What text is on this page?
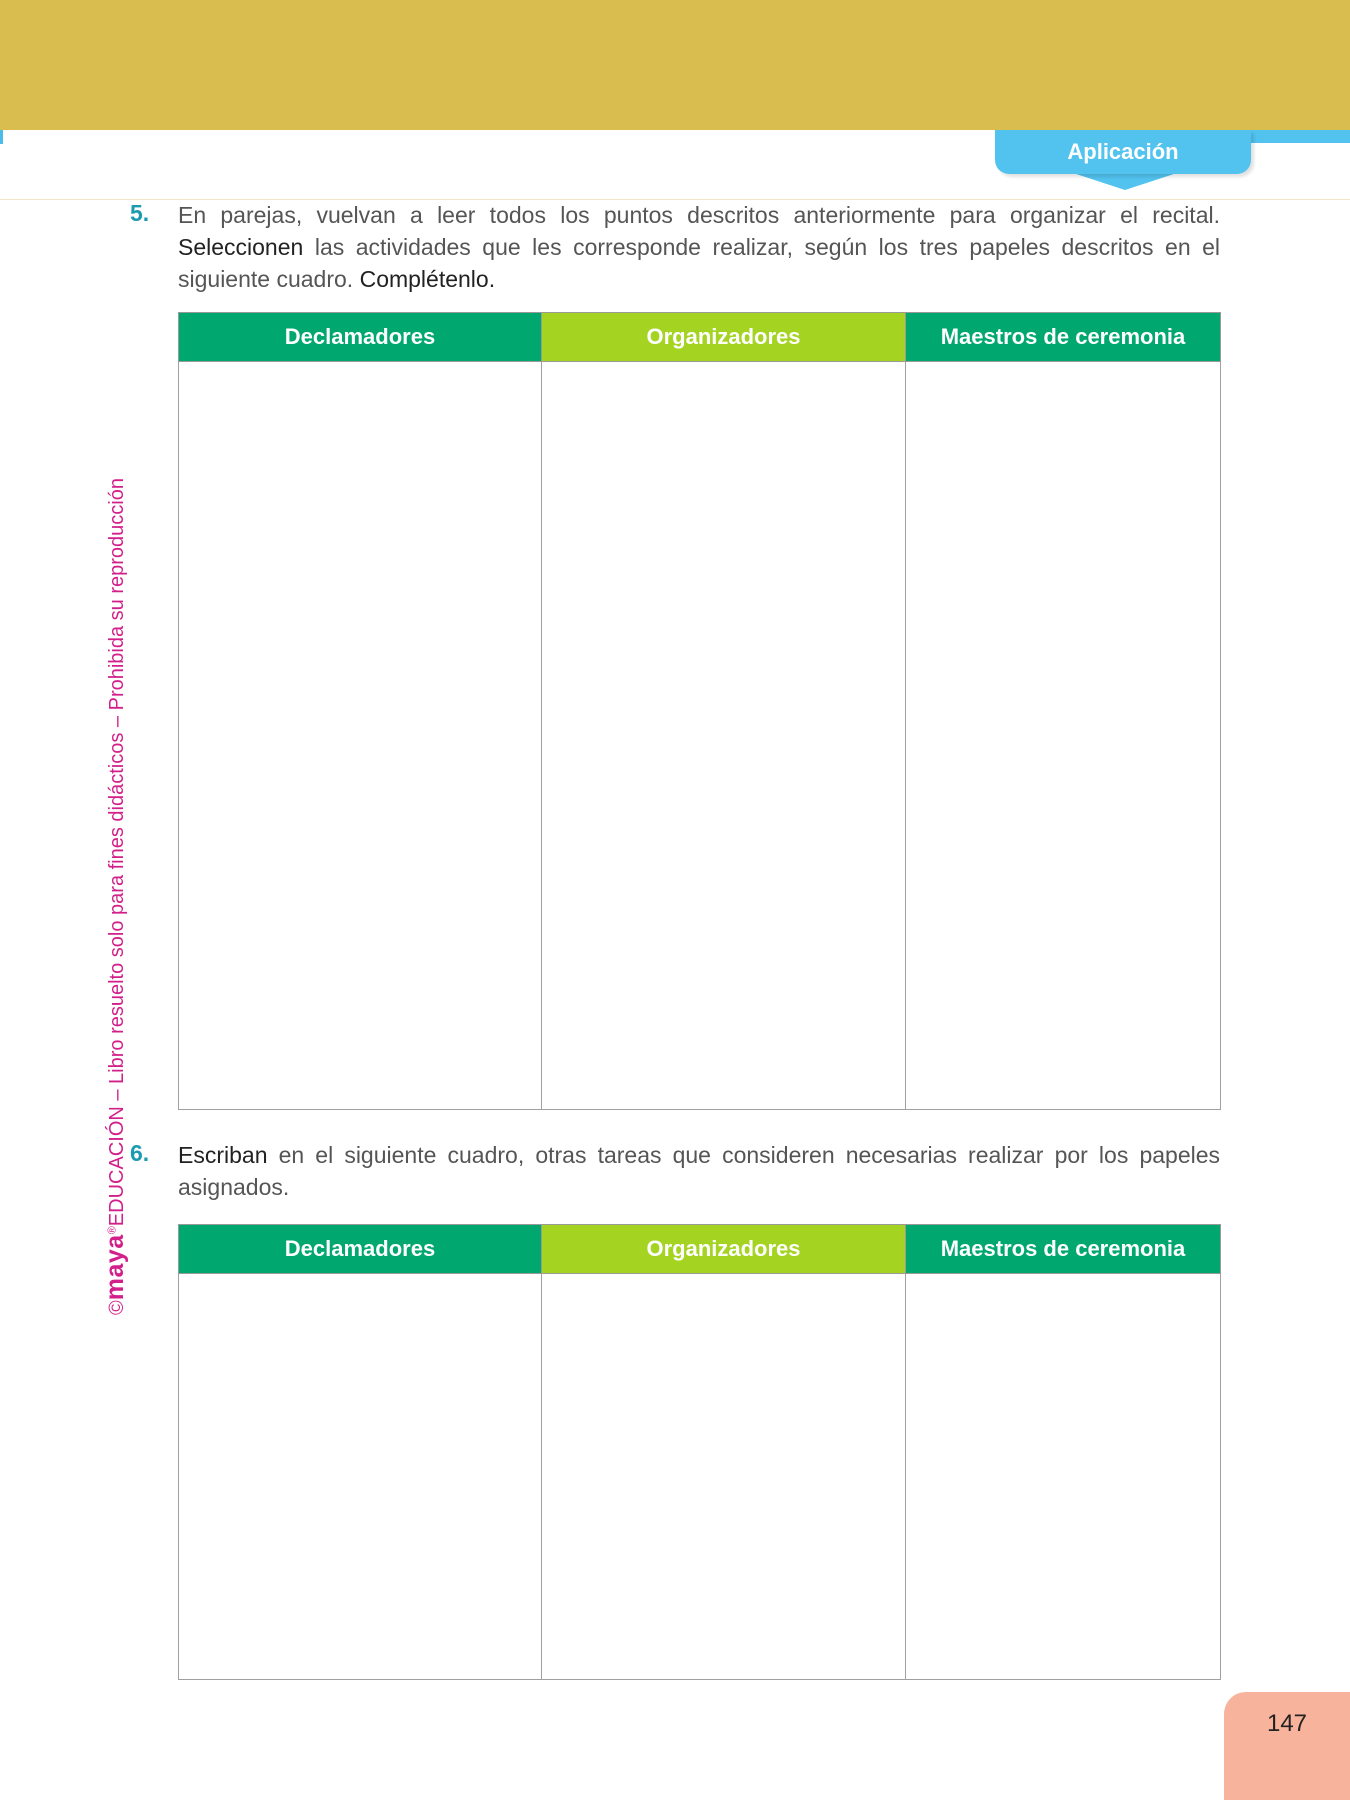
Aplicación
©maya®EDUCACIÓN – Libro resuelto solo para fines didácticos – Prohibida su reproducción
5. En parejas, vuelvan a leer todos los puntos descritos anteriormente para organizar el recital. Seleccionen las actividades que les corresponde realizar, según los tres papeles descritos en el siguiente cuadro. Complétenlo.

Declamadores	Organizadores	Maestros de ceremonia

6. Escriban en el siguiente cuadro, otras tareas que consideren necesarias realizar por los papeles asignados.

Declamadores	Organizadores	Maestros de ceremonia

147
